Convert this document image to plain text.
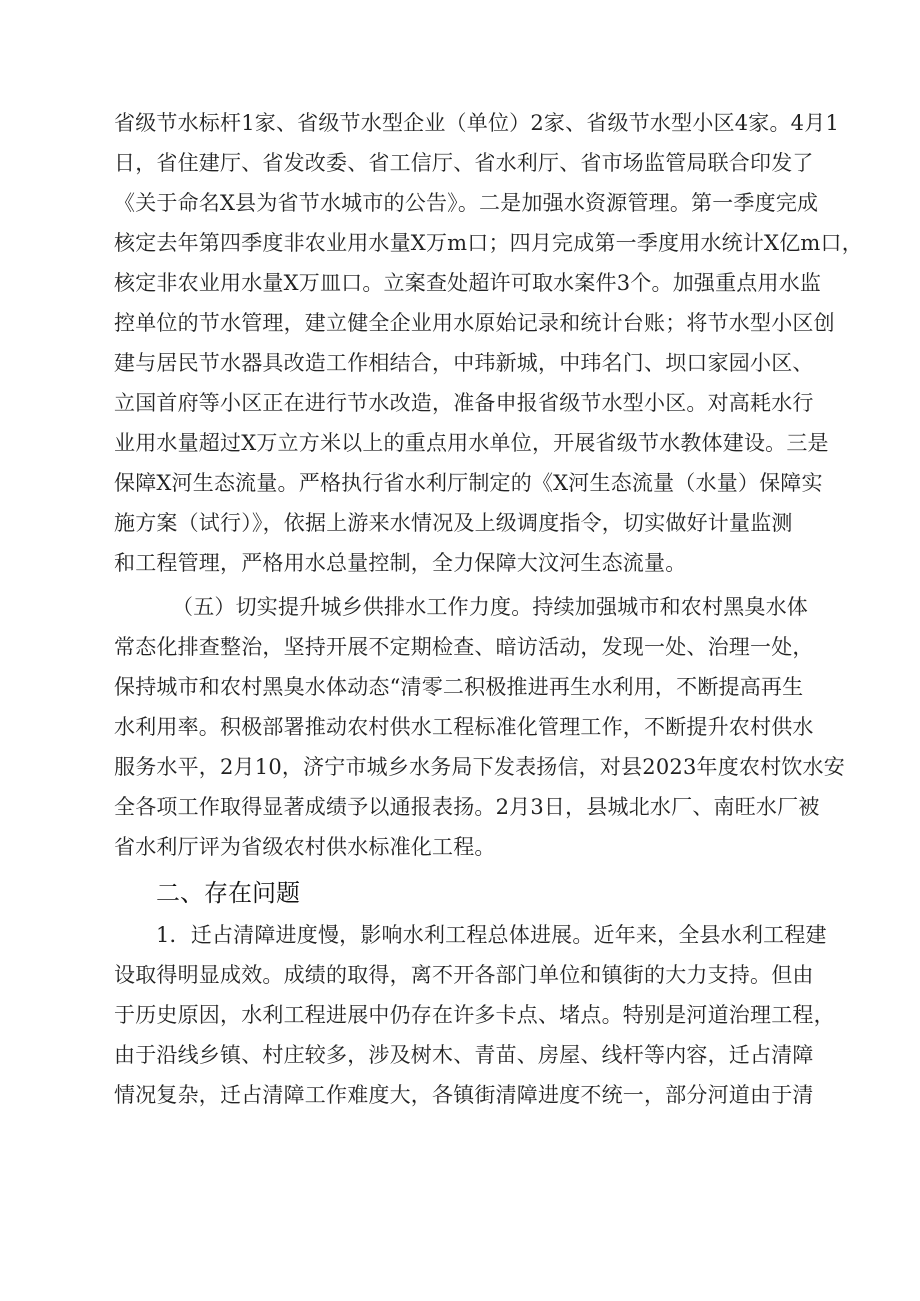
省级节水标杆1家、省级节水型企业（单位）2家、省级节水型小区4家。4月1
日，省住建厅、省发改委、省工信厅、省水利厅、省市场监管局联合印发了
《关于命名X县为省节水城市的公告》。二是加强水资源管理。第一季度完成
核定去年第四季度非农业用水量X万m口；四月完成第一季度用水统计X亿m口，
核定非农业用水量X万皿口。立案查处超许可取水案件3个。加强重点用水监
控单位的节水管理，建立健全企业用水原始记录和统计台账；将节水型小区创
建与居民节水器具改造工作相结合，中玮新城，中玮名门、坝口家园小区、
立国首府等小区正在进行节水改造，准备申报省级节水型小区。对高耗水行
业用水量超过X万立方米以上的重点用水单位，开展省级节水教体建设。三是
保障X河生态流量。严格执行省水利厅制定的《X河生态流量（水量）保障实
施方案（试行）》，依据上游来水情况及上级调度指令，切实做好计量监测
和工程管理，严格用水总量控制，全力保障大汶河生态流量。
（五）切实提升城乡供排水工作力度。持续加强城市和农村黑臭水体
常态化排查整治，坚持开展不定期检查、暗访活动，发现一处、治理一处，
保持城市和农村黑臭水体动态“清零二积极推进再生水利用，不断提高再生
水利用率。积极部署推动农村供水工程标准化管理工作，不断提升农村供水
服务水平，2月10，济宁市城乡水务局下发表扬信，对县2023年度农村饮水安
全各项工作取得显著成绩予以通报表扬。2月3日，县城北水厂、南旺水厂被
省水利厅评为省级农村供水标准化工程。
二、存在问题
1．迁占清障进度慢，影响水利工程总体进展。近年来，全县水利工程建
设取得明显成效。成绩的取得，离不开各部门单位和镇街的大力支持。但由
于历史原因，水利工程进展中仍存在许多卡点、堵点。特别是河道治理工程，
由于沿线乡镇、村庄较多，涉及树木、青苗、房屋、线杆等内容，迁占清障
情况复杂，迁占清障工作难度大，各镇街清障进度不统一，部分河道由于清
